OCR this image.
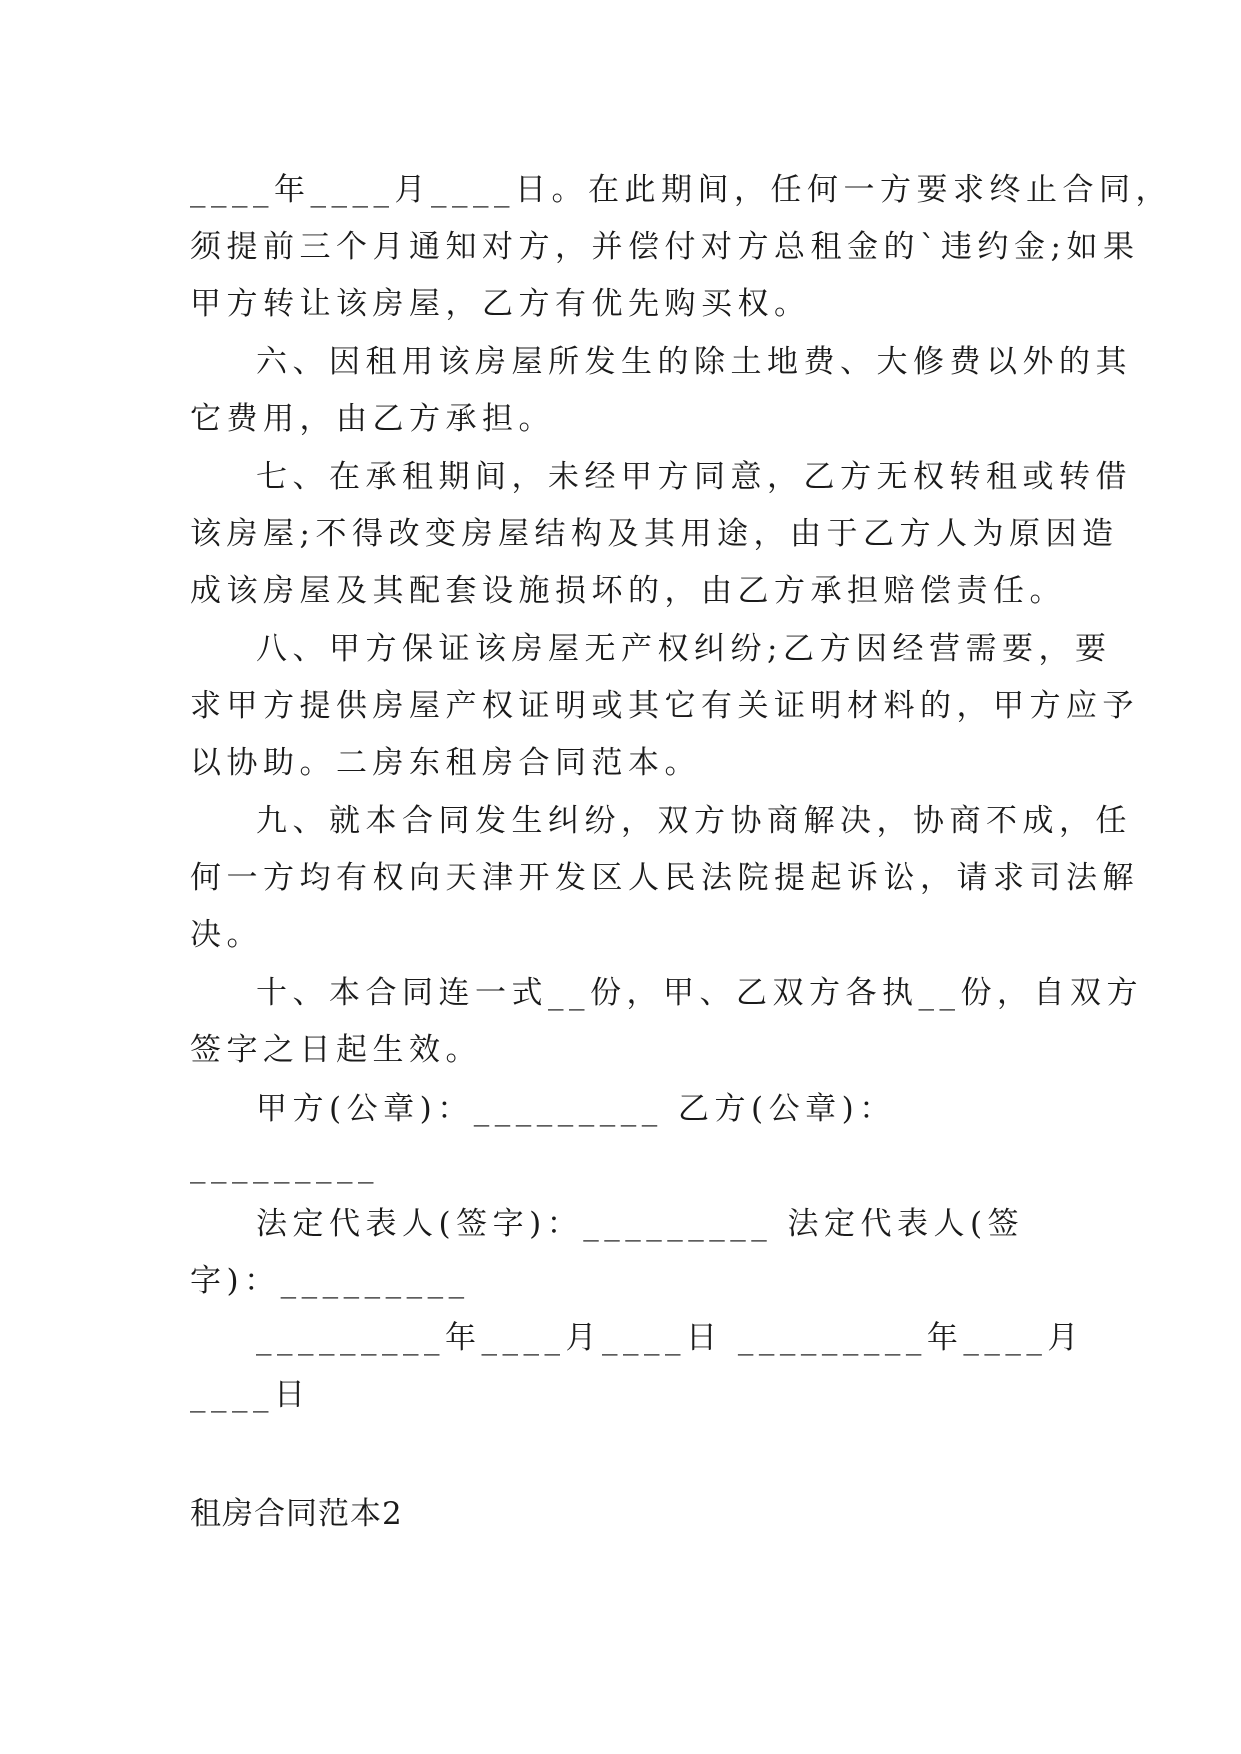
____年____月____日。在此期间，任何一方要求终止合同，
须提前三个月通知对方，并偿付对方总租金的`违约金;如果
甲方转让该房屋，乙方有优先购买权。
六、因租用该房屋所发生的除土地费、大修费以外的其
它费用，由乙方承担。
七、在承租期间，未经甲方同意，乙方无权转租或转借
该房屋;不得改变房屋结构及其用途，由于乙方人为原因造
成该房屋及其配套设施损坏的，由乙方承担赔偿责任。
八、甲方保证该房屋无产权纠纷;乙方因经营需要，要
求甲方提供房屋产权证明或其它有关证明材料的，甲方应予
以协助。二房东租房合同范本。
九、就本合同发生纠纷，双方协商解决，协商不成，任
何一方均有权向天津开发区人民法院提起诉讼，请求司法解
决。
十、本合同连一式__份，甲、乙双方各执__份，自双方
签字之日起生效。
甲方(公章)：_________ 乙方(公章)：
_________
法定代表人(签字)：_________ 法定代表人(签
字)：_________
_________年____月____日 _________年____月
____日
租房合同范本2
